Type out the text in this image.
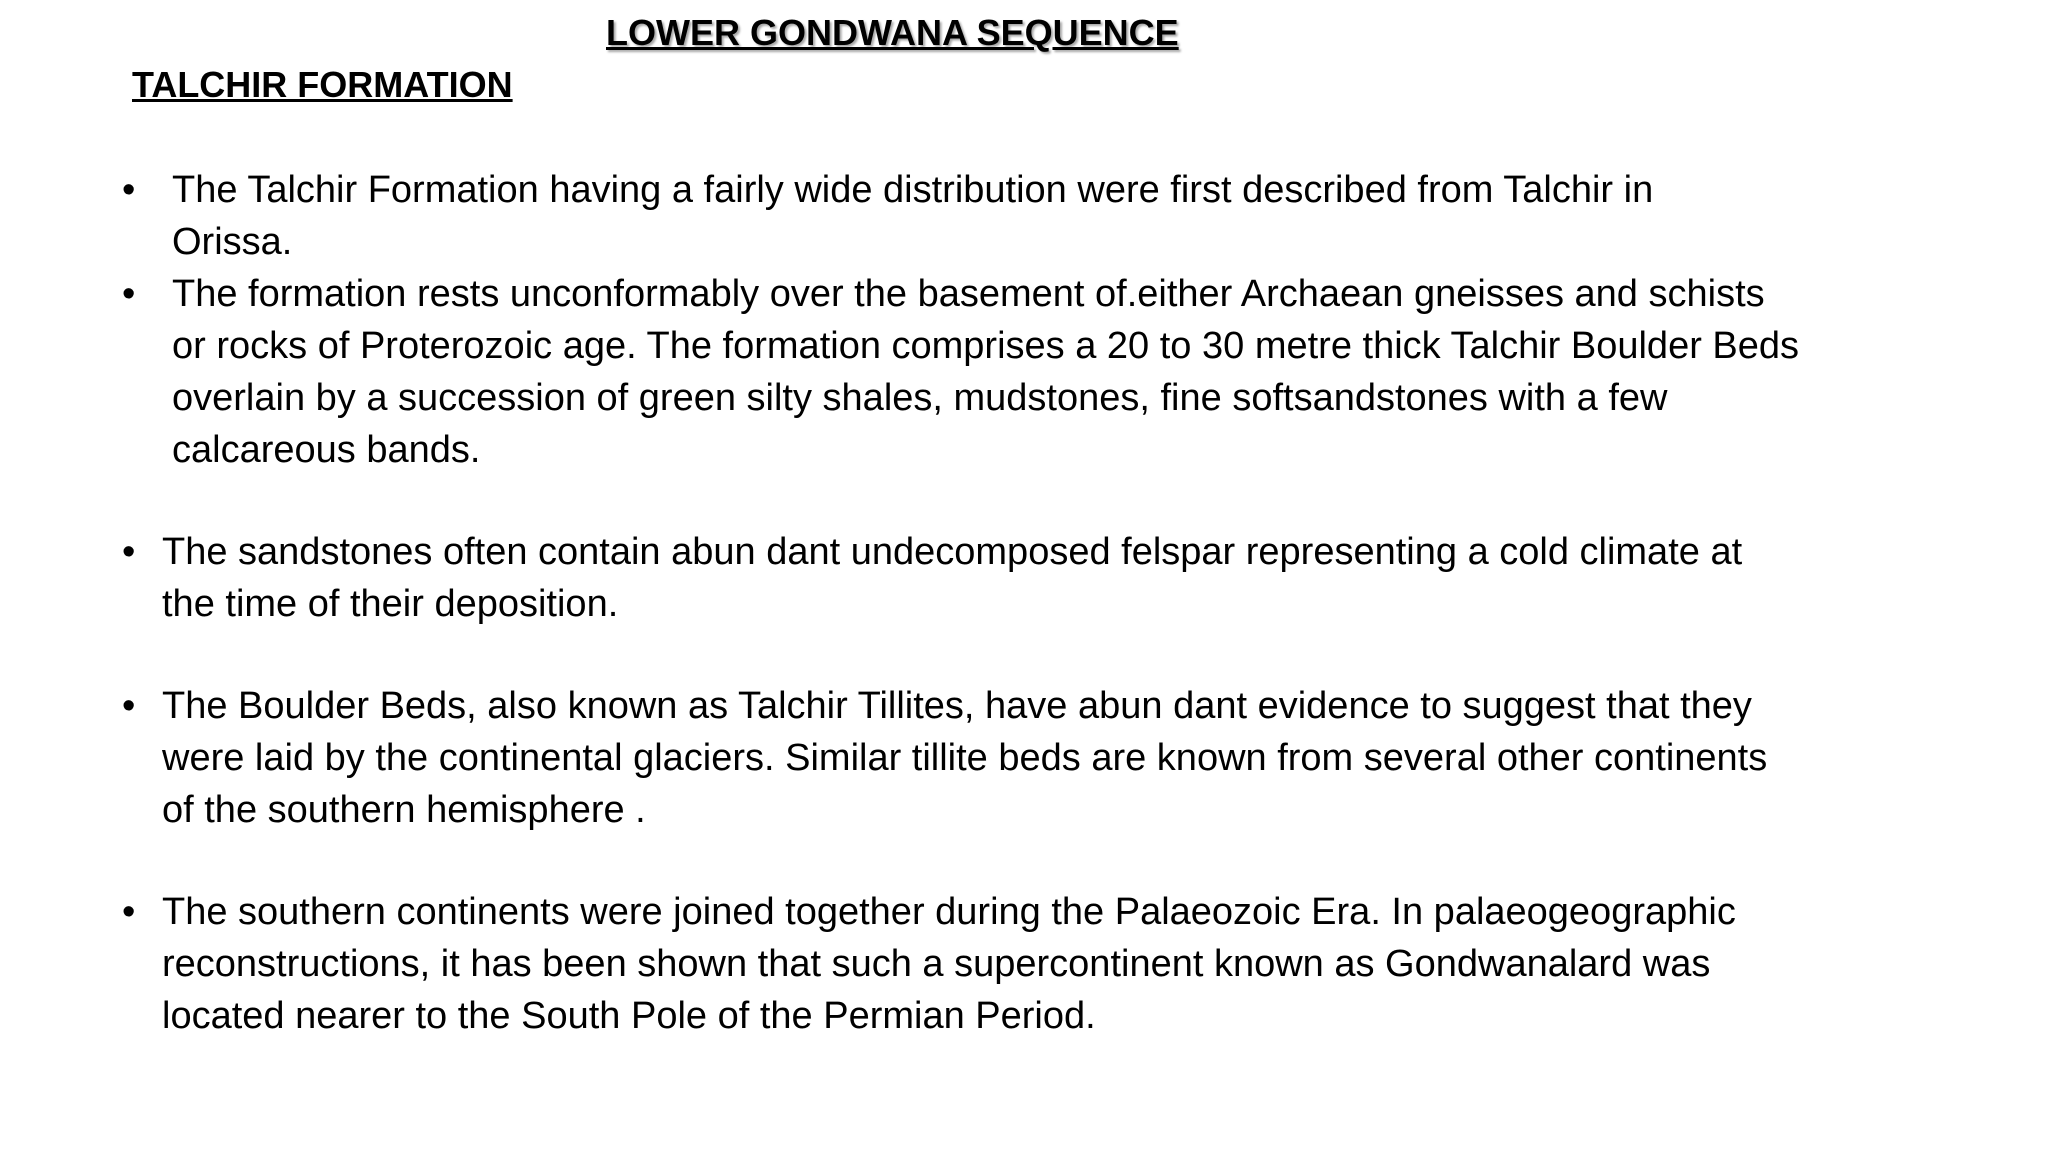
LOWER GONDWANA SEQUENCE
TALCHIR FORMATION
• The Talchir Formation having a fairly wide distribution were first described from Talchir in
Orissa.
• The formation rests unconformably over the basement of.either Archaean gneisses and schists
or rocks of Proterozoic age. The formation comprises a 20 to 30 metre thick Talchir Boulder Beds
overlain by a succession of green silty shales, mudstones, fine softsandstones with a few
calcareous bands.
• The sandstones often contain abun dant undecomposed felspar representing a cold climate at
the time of their deposition.
• The Boulder Beds, also known as Talchir Tillites, have abun dant evidence to suggest that they
were laid by the continental glaciers. Similar tillite beds are known from several other continents
of the southern hemisphere .
• The southern continents were joined together during the Palaeozoic Era. In palaeogeographic
reconstructions, it has been shown that such a supercontinent known as Gondwanalard was
located nearer to the South Pole of the Permian Period.
